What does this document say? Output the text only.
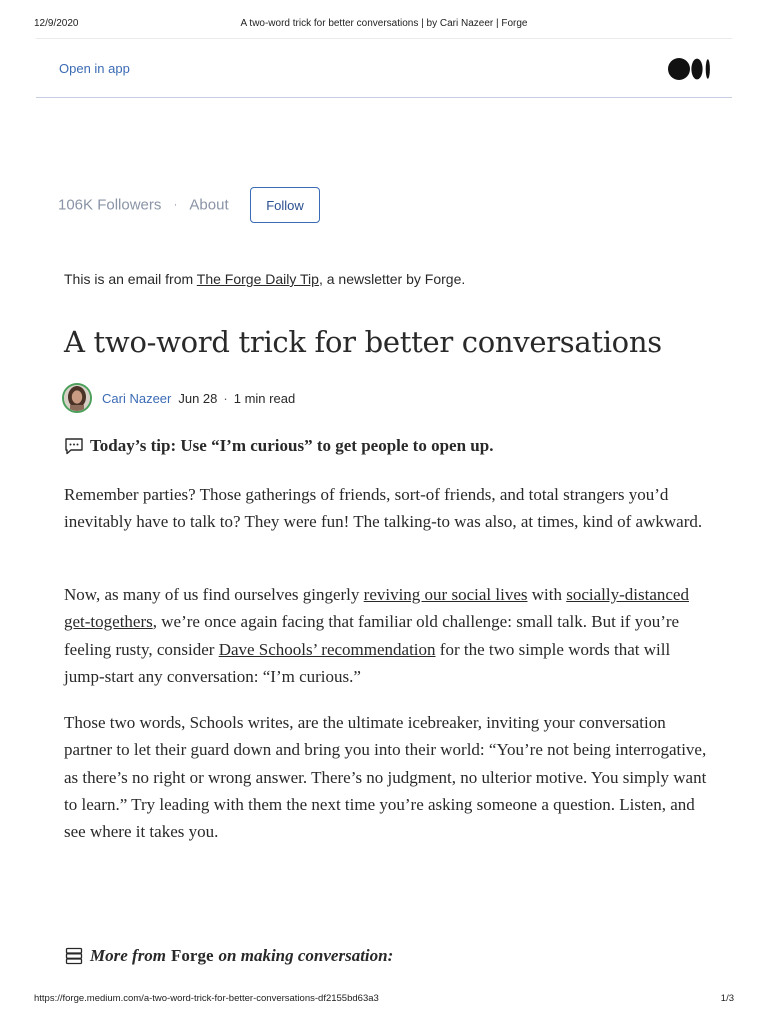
12/9/2020	A two-word trick for better conversations | by Cari Nazeer | Forge
Open in app
106K Followers · About	Follow
This is an email from The Forge Daily Tip, a newsletter by Forge.
A two-word trick for better conversations
Cari Nazeer Jun 28 · 1 min read
Today’s tip: Use “I’m curious” to get people to open up.

Remember parties? Those gatherings of friends, sort-of friends, and total strangers you’d inevitably have to talk to? They were fun! The talking-to was also, at times, kind of awkward.

Now, as many of us find ourselves gingerly reviving our social lives with socially-distanced get-togethers, we’re once again facing that familiar old challenge: small talk. But if you’re feeling rusty, consider Dave Schools’ recommendation for the two simple words that will jump-start any conversation: “I’m curious.”

Those two words, Schools writes, are the ultimate icebreaker, inviting your conversation partner to let their guard down and bring you into their world: “You’re not being interrogative, as there’s no right or wrong answer. There’s no judgment, no ulterior motive. You simply want to learn.” Try leading with them the next time you’re asking someone a question. Listen, and see where it takes you.

More from Forge on making conversation:
https://forge.medium.com/a-two-word-trick-for-better-conversations-df2155bd63a3	1/3
